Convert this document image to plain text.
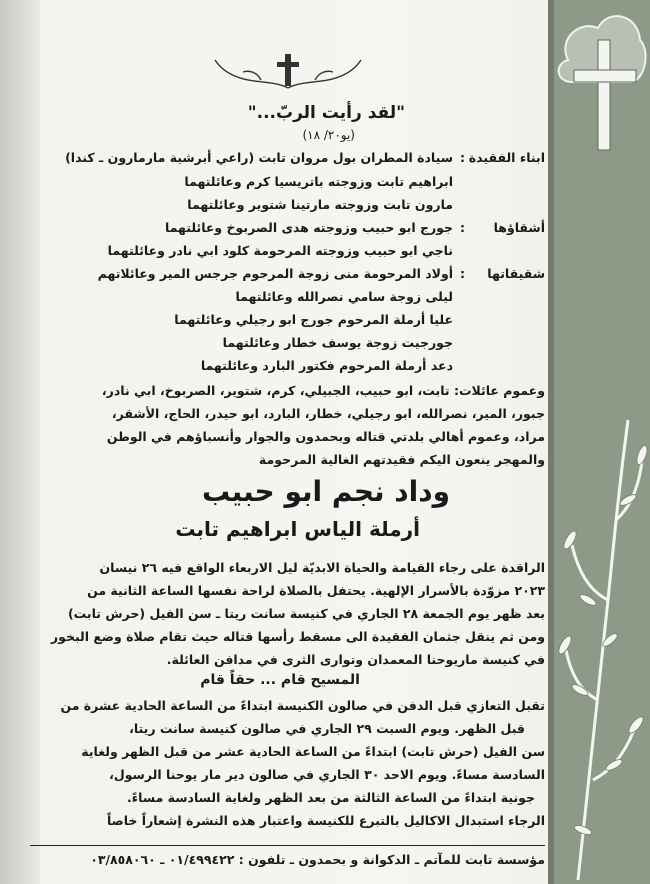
"لقد رأيت الربّ..."
(يو٢٠/ ١٨)
ابناء الفقيدة
:
سيادة المطران بول مروان تابت (راعي أبرشية مارمارون ـ كندا)
ابراهيم تابت وزوجته باتريسيا كرم وعائلتهما
مارون تابت وزوجته مارتينا شتوير وعائلتهما
أشقاؤها
:
جورج ابو حبيب وزوجته هدى الصربوخ وعائلتهما
ناجي ابو حبيب وزوجته المرحومة كلود ابي نادر وعائلتهما
شقيقاتها
:
أولاد المرحومة منى زوجة المرحوم جرجس المير وعائلاتهم
ليلى زوجة سامي نصرالله وعائلتهما
عليا أرملة المرحوم جورج ابو رجيلي وعائلتهما
جورجيت زوجة يوسف خطار وعائلتهما
دعد أرملة المرحوم فكتور البارد وعائلتهما
وعموم عائلات: تابت، ابو حبيب، الجبيلي، كرم، شتوير، الصربوخ، ابي نادر،
جبور، المير، نصرالله، ابو رجيلي، خطار، البارد، ابو حيدر، الحاج، الأشقر،
مراد، وعموم أهالي بلدتي قتاله وبحمدون والجوار وأنسباؤهم في الوطن
والمهجر ينعون اليكم فقيدتهم الغالية المرحومة
وداد نجم ابو حبيب
أرملة الياس ابراهيم تابت
الراقدة على رجاء القيامة والحياة الابديّة ليل الاربعاء الواقع فيه ٢٦ نيسان
٢٠٢٣ مزوّدة بالأسرار الإلهية. يحتفل بالصلاة لراحة نفسها الساعة الثانية من
بعد ظهر يوم الجمعة ٢٨ الجاري في كنيسة سانت ريتا ـ سن الفيل (حرش تابت)
ومن ثم ينقل جثمان الفقيدة الى مسقط رأسها قتاله حيث تقام صلاة وضع البخور
في كنيسة ماريوحنا المعمدان وتوارى الثرى في مدافن العائلة.
المسيح قام ... حقاً قام
تقبل التعازي قبل الدفن في صالون الكنيسة ابتداءً من الساعة الحادية عشرة من
قبل الظهر. ويوم السبت ٢٩ الجاري في صالون كنيسة سانت ريتا،
سن الفيل (حرش تابت) ابتداءً من الساعة الحادية عشر من قبل الظهر ولغاية
السادسة مساءً. ويوم الاحد ٣٠ الجاري في صالون دير مار يوحنا الرسول،
جونية ابتداءً من الساعة الثالثة من بعد الظهر ولغاية السادسة مساءً.
الرجاء استبدال الاكاليل بالتبرع للكنيسة واعتبار هذه النشرة إشعاراً خاصاً
مؤسسة تابت للمآتم ـ الدكوانة و بحمدون ـ تلفون : ٠١/٤٩٩٤٢٢ ـ ٠٣/٨٥٨٠٦٠
